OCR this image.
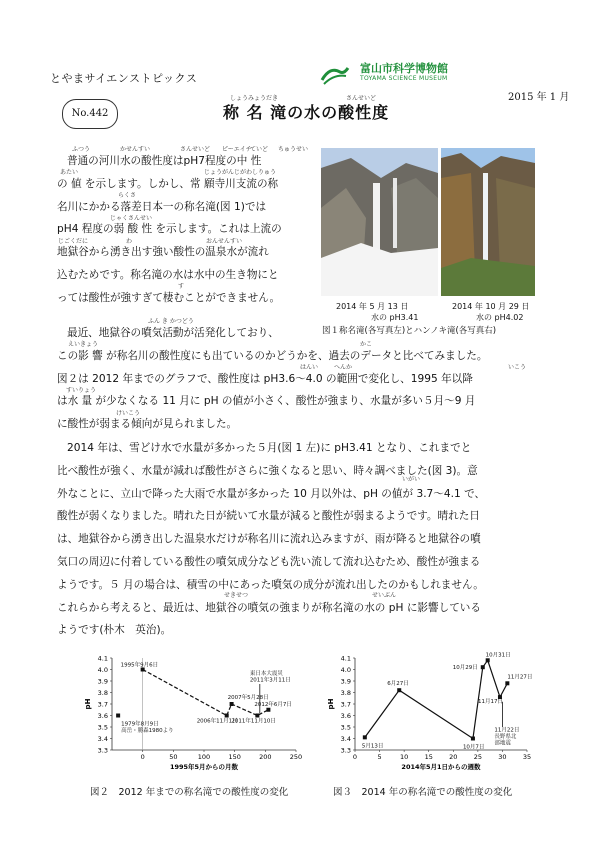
とやまサイエンストピックス
富山市科学博物館
TOYAMA SCIENCE MUSEUM
2015 年 1 月
No.442
しょうみょうだき	さんせいど
称 名 滝の水の酸性度
ふつう	かせんすい	さんせいど ピーエイチ
ていど ちゅうせい
あたい	じょうがんじがわしりゅう
らくさ
じゃくさんせい
じごくだに	わ	おんせんすい
す
ふん き かつどう
えいきょう	かこ
はんい	へんか	いこう
すいりょう
けいこう
いがい
せきせつ	せいぶん
普通の河川水の酸性度はpH7程度の中 性
の 値 を示します。しかし、常 願寺川支流の称
名川にかかる落差日本一の称名滝(図 1)では
pH4 程度の弱 酸 性 を示します。これは上流の
地獄谷から湧き出す強い酸性の温泉水が流れ
込むためです。称名滝の水は水中の生き物にと
っては酸性が強すぎて棲むことができません。
2014 年 5 月 13 日
水の pH3.41
2014 年 10 月 29 日
水の pH4.02
図１称名滝(各写真左)とハンノキ滝(各写真右)
最近、地獄谷の噴気活動が活発化しており、
この影 響 が称名川の酸性度にも出ているのかどうかを、過去のデータと比べてみました。
図２は 2012 年までのグラフで、酸性度は pH3.6～4.0 の範囲で変化し、1995 年以降
は水 量 が少なくなる 11 月に pH の値が小さく、酸性が強まり、水量が多い５月～9 月
に酸性が弱まる傾向が見られました。
2014 年は、雪どけ水で水量が多かった５月(図 1 左)に pH3.41 となり、これまでと
比べ酸性が強く、水量が減れば酸性がさらに強くなると思い、時々調べました(図 3)。意
外なことに、立山で降った大雨で水量が多かった 10 月以外は、pH の値が 3.7～4.1 で、
酸性が弱くなりました。晴れた日が続いて水量が減ると酸性が弱まるようです。晴れた日
は、地獄谷から湧き出した温泉水だけが称名川に流れ込みますが、雨が降ると地獄谷の噴
気口の周辺に付着している酸性の噴気成分なども洗い流して流れ込むため、酸性が強まる
ようです。５ 月の場合は、積雪の中にあった噴気の成分が流れ出したのかもしれません。
これらから考えると、最近は、地獄谷の噴気の強まりが称名滝の水の pH に影響している
ようです(朴木　英治)。
3.3
3.4
3.5
3.6
3.7
3.8
3.9
4.0
4.1
0	50	100	150	200	250
1995年5月からの月数
pH
1979年8月9日高岳・勝森1980より
1995年9月6日
2006年11月1日
2007年5月28日
2011年11月10日
2012年6月7日
東日本大震災 2011年3月11日
3.3
3.4
3.5
3.6
3.7
3.8
3.9
4.0
4.1
0	5	10	15	20	25	30	35
2014年5月1日からの週数
pH
5月13日
6月27日
10月7日
10月29日
10月31日
11月17日
11月27日
11月22日長野県北部地震
図２　2012 年までの称名滝での酸性度の変化	図３　2014 年の称名滝での酸性度の変化
